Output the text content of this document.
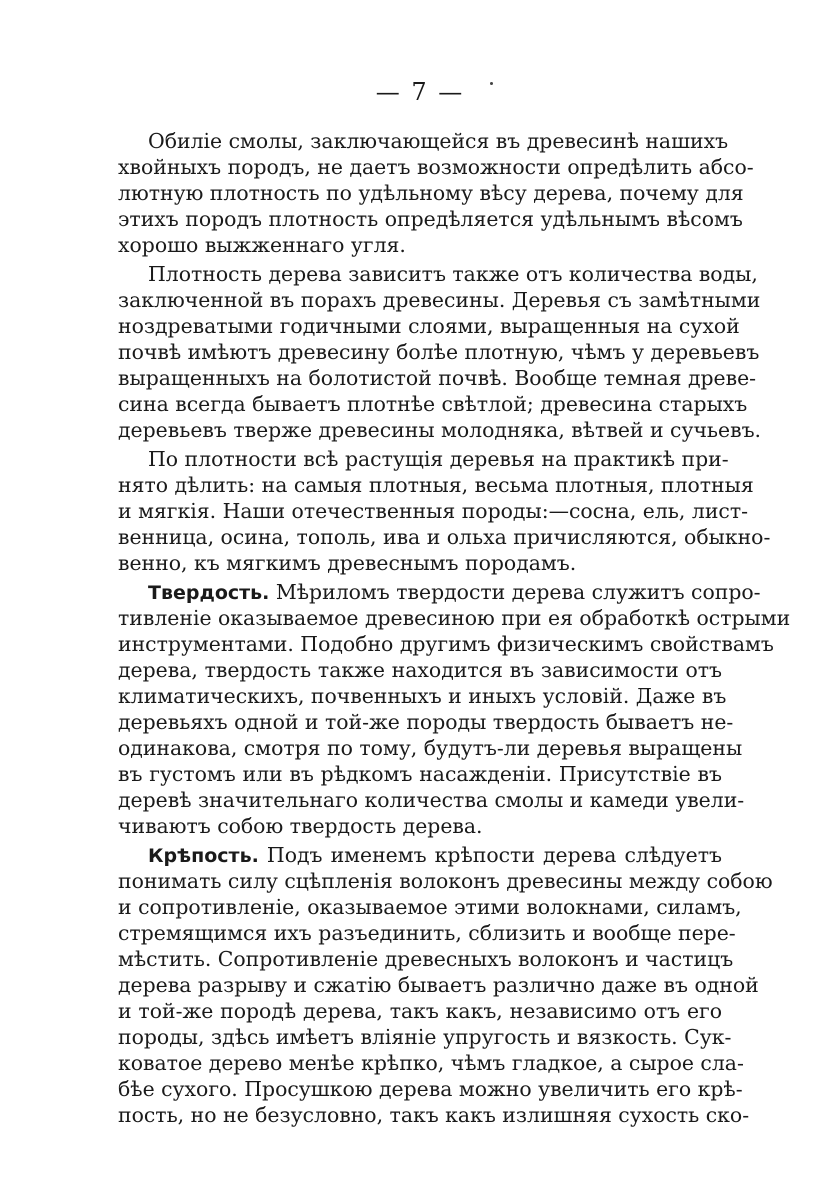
— 7 —
Обиліе смолы, заключающейся въ древесинѣ нашихъ
хвойныхъ породъ, не даетъ возможности опредѣлить абсо-
лютную плотность по удѣльному вѣсу дерева, почему для
этихъ породъ плотность опредѣляется удѣльнымъ вѣсомъ
хорошо выжженнаго угля.
Плотность дерева зависитъ также отъ количества воды,
заключенной въ порахъ древесины. Деревья съ замѣтными
ноздреватыми годичными слоями, выращенныя на сухой
почвѣ имѣютъ древесину болѣе плотную, чѣмъ у деревьевъ
выращенныхъ на болотистой почвѣ. Вообще темная древе-
сина всегда бываетъ плотнѣе свѣтлой; древесина старыхъ
деревьевъ тверже древесины молодняка, вѣтвей и сучьевъ.
По плотности всѣ растущія деревья на практикѣ при-
нято дѣлить: на самыя плотныя, весьма плотныя, плотныя
и мягкія. Наши отечественныя породы:—сосна, ель, лист-
венница, осина, тополь, ива и ольха причисляются, обыкно-
венно, къ мягкимъ древеснымъ породамъ.
Твердость. Мѣриломъ твердости дерева служитъ сопро-
тивленіе оказываемое древесиною при ея обработкѣ острыми
инструментами. Подобно другимъ физическимъ свойствамъ
дерева, твердость также находится въ зависимости отъ
климатическихъ, почвенныхъ и иныхъ условій. Даже въ
деревьяхъ одной и той-же породы твердость бываетъ не-
одинакова, смотря по тому, будутъ-ли деревья выращены
въ густомъ или въ рѣдкомъ насажденіи. Присутствіе въ
деревѣ значительнаго количества смолы и камеди увели-
чиваютъ собою твердость дерева.
Крѣпость. Подъ именемъ крѣпости дерева слѣдуетъ
понимать силу сцѣпленія волоконъ древесины между собою
и сопротивленіе, оказываемое этими волокнами, силамъ,
стремящимся ихъ разъединить, сблизить и вообще пере-
мѣстить. Сопротивленіе древесныхъ волоконъ и частицъ
дерева разрыву и сжатію бываетъ различно даже въ одной
и той-же породѣ дерева, такъ какъ, независимо отъ его
породы, здѣсь имѣетъ вліяніе упругость и вязкость. Сук-
коватое дерево менѣе крѣпко, чѣмъ гладкое, а сырое сла-
бѣе сухого. Просушкою дерева можно увеличить его крѣ-
пость, но не безусловно, такъ какъ излишняя сухость ско-
